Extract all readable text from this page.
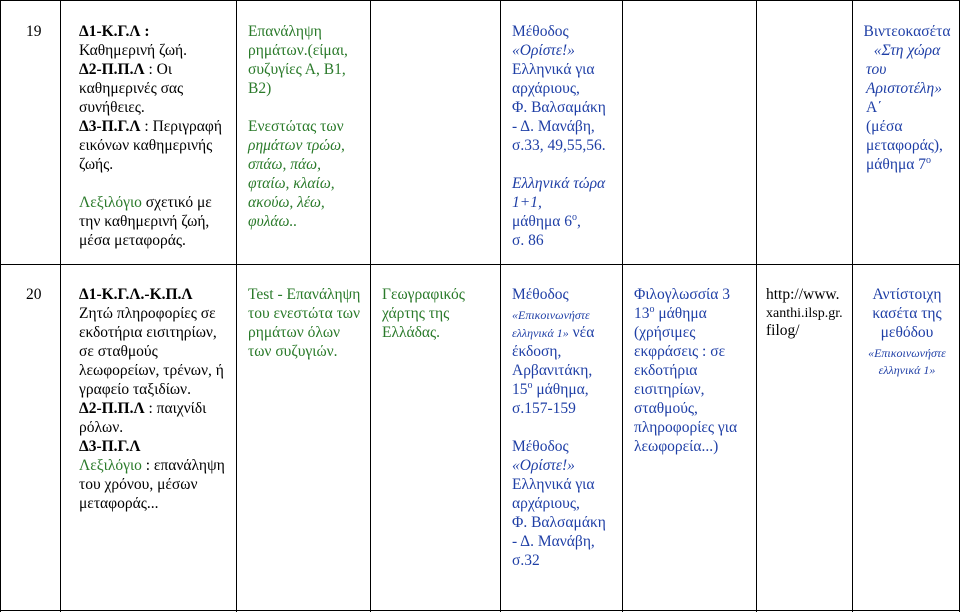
19 Δ1-Κ.Γ.Λ :
Καθημερινή ζωή.
Δ2-Π.Π.Λ : Οι
καθημερινές σας
συνήθειες.
Δ3-Π.Γ.Λ : Περιγραφή
εικόνων καθημερινής
ζωής.
Λεξιλόγιο σχετικό με
την καθημερινή ζωή,
μέσα μεταφοράς.
Επανάληψη
ρημάτων.(είμαι,
συζυγίες Α, Β1,
Β2)
Ενεστώτας των
ρημάτων τρώω,
σπάω, πάω,
φταίω, κλαίω,
ακούω, λέω,
φυλάω..
Μέθοδος
«Ορίστε!»
Ελληνικά για
αρχάριους,
Φ. Βαλσαμάκη
- Δ. Μανάβη,
σ.33, 49,55,56.
Ελληνικά τώρα
1+1,
μάθημα $6^o$,
σ. 86
Βιντεοκασέτα
«Στη χώρα
του
Αριστοτέλη»
Α΄
(μέσα
μεταφοράς),
μάθημα $7^o$
20 Δ1-Κ.Γ.Λ.-Κ.Π.Λ
Ζητώ πληροφορίες σε
εκδοτήρια εισιτηρίων,
σε σταθμούς
λεωφορείων, τρένων, ή
γραφείο ταξιδίων.
Δ2-Π.Π.Λ : παιχνίδι
ρόλων.
Δ3-Π.Γ.Λ
Λεξιλόγιο : επανάληψη
του χρόνου, μέσων
μεταφοράς...
Test - Επανάληψη
του ενεστώτα των
ρημάτων όλων
των συζυγιών.
Γεωγραφικός
χάρτης της
Ελλάδας.
Μέθοδος
«Επικοινωνήστε
ελληνικά 1» νέα
έκδοση,
Αρβανιτάκη,
$15^o$ μάθημα,
σ.157-159
Μέθοδος
«Ορίστε!»
Ελληνικά για
αρχάριους,
Φ. Βαλσαμάκη
- Δ. Μανάβη,
σ.32
Φιλογλωσσία 3
$13^o$ μάθημα
(χρήσιμες
εκφράσεις : σε
εκδοτήρια
εισιτηρίων,
σταθμούς,
πληροφορίες για
λεωφορεία...)
http://www.
xanthi.ilsp.gr.
filog/
Αντίστοιχη
κασέτα της
μεθόδου
«Επικοινωνήστε
ελληνικά 1»
